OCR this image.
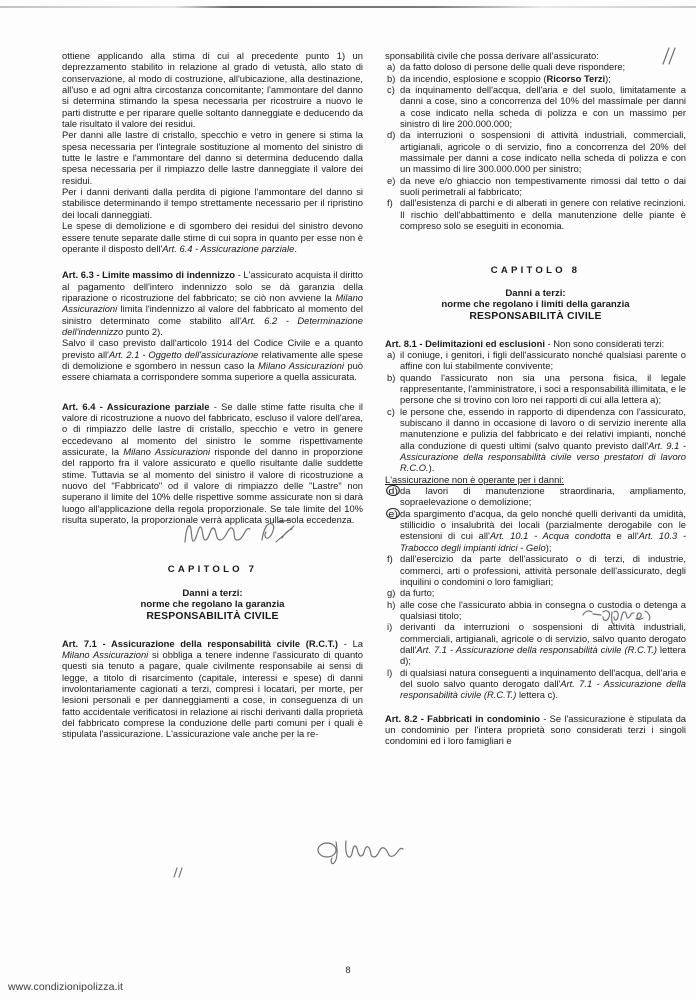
ottiene applicando alla stima di cui al precedente punto 1) un deprezzamento stabilito in relazione al grado di vetustà, allo stato di conservazione, al modo di costruzione, all'ubicazione, alla destinazione, all'uso e ad ogni altra circostanza concomitante; l'ammontare del danno si determina stimando la spesa necessaria per ricostruire a nuovo le parti distrutte e per riparare quelle soltanto danneggiate e deducendo da tale risultato il valore dei residui.

Per danni alle lastre di cristallo, specchio e vetro in genere si stima la spesa necessaria per l'integrale sostituzione al momento del sinistro di tutte le lastre e l'ammontare del danno si determina deducendo dalla spesa necessaria per il rimpiazzo delle lastre danneggiate il valore dei residui.

Per i danni derivanti dalla perdita di pigione l'ammontare del danno si stabilisce determinando il tempo strettamente necessario per il ripristino dei locali danneggiati.

Le spese di demolizione e di sgombero dei residui del sinistro devono essere tenute separate dalle stime di cui sopra in quanto per esse non è operante il disposto dell'Art. 6.4 - Assicurazione parziale.

Art. 6.3 - Limite massimo di indennizzo - L'assicurato acquista il diritto al pagamento dell'intero indennizzo solo se dà garanzia della riparazione o ricostruzione del fabbricato; se ciò non avviene la Milano Assicurazioni limita l'indennizzo al valore del fabbricato al momento del sinistro determinato come stabilito all'Art. 6.2 - Determinazione dell'indennizzo punto 2).

Salvo il caso previsto dall'articolo 1914 del Codice Civile e a quanto previsto all'Art. 2.1 - Oggetto dell'assicurazione relativamente alle spese di demolizione e sgombero in nessun caso la Milano Assicurazioni può essere chiamata a corrispondere somma superiore a quella assicurata.

Art. 6.4 - Assicurazione parziale - Se dalle stime fatte risulta che il valore di ricostruzione a nuovo del fabbricato, escluso il valore dell'area, o di rimpiazzo delle lastre di cristallo, specchio e vetro in genere eccedevano al momento del sinistro le somme rispettivamente assicurate, la Milano Assicurazioni risponde del danno in proporzione del rapporto fra il valore assicurato e quello risultante dalle suddette stime. Tuttavia se al momento del sinistro il valore di ricostruzione a nuovo del "Fabbricato" od il valore di rimpiazzo delle "Lastre" non superano il limite del 10% delle rispettive somme assicurate non si darà luogo all'applicazione della regola proporzionale. Se tale limite del 10% risulta superato, la proporzionale verrà applicata sulla sola eccedenza.

CAPITOLO 7

Danni a terzi:
norme che regolano la garanzia
RESPONSABILITÀ CIVILE

Art. 7.1 - Assicurazione della responsabilità civile (R.C.T.) - La Milano Assicurazioni si obbliga a tenere indenne l'assicurato di quanto questi sia tenuto a pagare, quale civilmente responsabile ai sensi di legge, a titolo di risarcimento (capitale, interessi e spese) di danni involontariamente cagionati a terzi, compresi i locatari, per morte, per lesioni personali e per danneggiamenti a cose, in conseguenza di un fatto accidentale verificatosi in relazione ai rischi derivanti dalla proprietà del fabbricato comprese la conduzione delle parti comuni per i quali è stipulata l'assicurazione. L'assicurazione vale anche per la re-

sponsabilità civile che possa derivare all'assicurato:

a) da fatto doloso di persone delle quali deve rispondere;
b) da incendio, esplosione e scoppio (Ricorso Terzi);
c) da inquinamento dell'acqua, dell'aria e del suolo, limitatamente a danni a cose, sino a concorrenza del 10% del massimale per danni a cose indicato nella scheda di polizza e con un massimo per sinistro di lire 200.000.000;
d) da interruzioni o sospensioni di attività industriali, commerciali, artigianali, agricole o di servizio, fino a concorrenza del 20% del massimale per danni a cose indicato nella scheda di polizza e con un massimo di lire 300.000.000 per sinistro;
e) da neve e/o ghiaccio non tempestivamente rimossi dal tetto o dai suoli perimetrali al fabbricato;
f) dall'esistenza di parchi e di alberati in genere con relative recinzioni. Il rischio dell'abbattimento e della manutenzione delle piante è compreso solo se eseguiti in economia.

CAPITOLO 8

Danni a terzi:
norme che regolano i limiti della garanzia
RESPONSABILITÀ CIVILE

Art. 8.1 - Delimitazioni ed esclusioni - Non sono considerati terzi:

a) il coniuge, i genitori, i figli dell'assicurato nonché qualsiasi parente o affine con lui stabilmente convivente;
b) quando l'assicurato non sia una persona fisica, il legale rappresentante, l'amministratore, i soci a responsabilità illimitata, e le persone che si trovino con loro nei rapporti di cui alla lettera a);
c) le persone che, essendo in rapporto di dipendenza con l'assicurato, subiscano il danno in occasione di lavoro o di servizio inerente alla manutenzione e pulizia del fabbricato e dei relativi impianti, nonché alla conduzione di questi ultimi (salvo quanto previsto dall'Art. 9.1 - Assicurazione della responsabilità civile verso prestatori di lavoro R.C.O.).

L'assicurazione non è operante per i danni:

d) da lavori di manutenzione straordinaria, ampliamento, sopraelevazione o demolizione;
e) da spargimento d'acqua, da gelo nonché quelli derivanti da umidità, stillicidio o insalubrità dei locali (parzialmente derogabile con le estensioni di cui all'Art. 10.1 - Acqua condotta e all'Art. 10.3 - Trabocco degli impianti idrici - Gelo);
f) dall'esercizio da parte dell'assicurato o di terzi, di industrie, commerci, arti o professioni, attività personale dell'assicurato, degli inquilini o condomini o loro famigliari;
g) da furto;
h) alle cose che l'assicurato abbia in consegna o custodia o detenga a qualsiasi titolo;
i) derivanti da interruzioni o sospensioni di attività industriali, commerciali, artigianali, agricole o di servizio, salvo quanto derogato dall'Art. 7.1 - Assicurazione della responsabilità civile (R.C.T.) lettera d);
l) di qualsiasi natura conseguenti a inquinamento dell'acqua, dell'aria e del suolo salvo quanto derogato dall'Art. 7.1 - Assicurazione della responsabilità civile (R.C.T.) lettera c).

Art. 8.2 - Fabbricati in condominio - Se l'assicurazione è stipulata da un condominio per l'intera proprietà sono considerati terzi i singoli condomini ed i loro famigliari e

8
www.condizionipolizza.it
